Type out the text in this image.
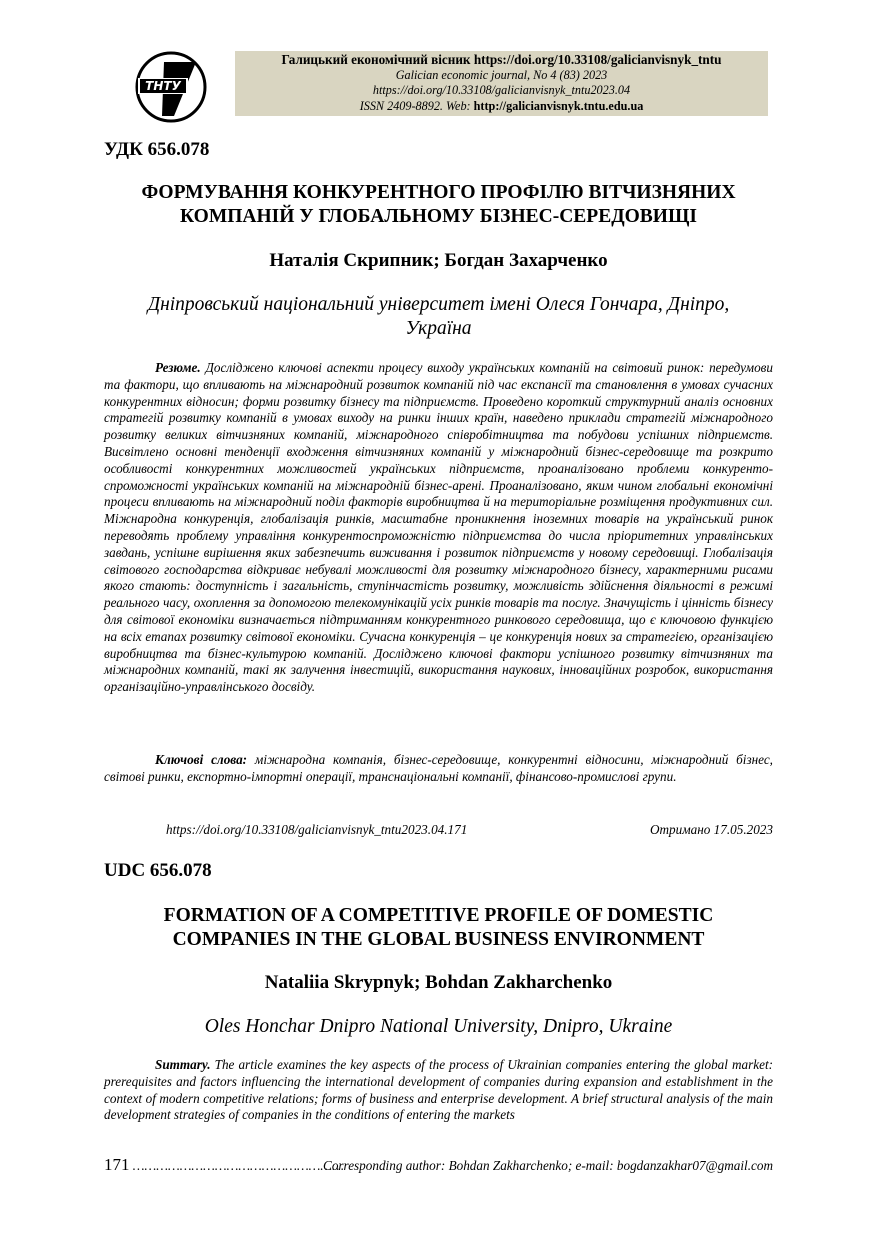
ТНТУ
Галицький економічний вісник https://doi.org/10.33108/galicianvisnyk_tntu
Galician economic journal, No 4 (83) 2023
https://doi.org/10.33108/galicianvisnyk_tntu2023.04
ISSN 2409-8892. Web: http://galicianvisnyk.tntu.edu.ua
УДК 656.078
ФОРМУВАННЯ КОНКУРЕНТНОГО ПРОФІЛЮ ВІТЧИЗНЯНИХ
КОМПАНІЙ У ГЛОБАЛЬНОМУ БІЗНЕС-СЕРЕДОВИЩІ
Наталія Скрипник; Богдан Захарченко
Дніпровський національний університет імені Олеся Гончара, Дніпро, Україна

Резюме. Досліджено ключові аспекти процесу виходу українських компаній на світовий ринок: передумови та фактори, що впливають на міжнародний розвиток компаній під час експансії та становлення в умовах сучасних конкурентних відносин; форми розвитку бізнесу та підприємств. Проведено короткий структурний аналіз основних стратегій розвитку компаній в умовах виходу на ринки інших країн, наведено приклади стратегій міжнародного розвитку великих вітчизняних компаній, міжнародного співробітництва та побудови успішних підприємств. Висвітлено основні тенденції входження вітчизняних компаній у міжнародний бізнес-середовище та розкрито особливості конкурентних можливостей українських підприємств, проаналізовано проблеми конкуренто-спроможності українських компаній на міжнародній бізнес-арені. Проаналізовано, яким чином глобальні економічні процеси впливають на міжнародний поділ факторів виробництва й на територіальне розміщення продуктивних сил. Міжнародна конкуренція, глобалізація ринків, масштабне проникнення іноземних товарів на український ринок переводять проблему управління конкурентоспроможністю підприємства до числа пріоритетних управлінських завдань, успішне вирішення яких забезпечить виживання і розвиток підприємств у новому середовищі. Глобалізація світового господарства відкриває небувалі можливості для розвитку міжнародного бізнесу, характерними рисами якого стають: доступність і загальність, ступінчастість розвитку, можливість здійснення діяльності в режимі реального часу, охоплення за допомогою телекомунікацій усіх ринків товарів та послуг. Значущість і цінність бізнесу для світової економіки визначається підтриманням конкурентного ринкового середовища, що є ключовою функцією на всіх етапах розвитку світової економіки. Сучасна конкуренція – це конкуренція нових за стратегією, організацією виробництва та бізнес-культурою компаній. Досліджено ключові фактори успішного розвитку вітчизняних та міжнародних компаній, такі як залучення інвестицій, використання наукових, інноваційних розробок, використання організаційно-управлінського досвіду.

Ключові слова: міжнародна компанія, бізнес-середовище, конкурентні відносини, міжнародний бізнес, світові ринки, експортно-імпортні операції, транснаціональні компанії, фінансово-промислові групи.

https://doi.org/10.33108/galicianvisnyk_tntu2023.04.171	Отримано 17.05.2023
UDC 656.078
FORMATION OF A COMPETITIVE PROFILE OF DOMESTIC
COMPANIES IN THE GLOBAL BUSINESS ENVIRONMENT
Nataliia Skrypnyk; Bohdan Zakharchenko
Oles Honchar Dnipro National University, Dnipro, Ukraine

Summary. The article examines the key aspects of the process of Ukrainian companies entering the global market: prerequisites and factors influencing the international development of companies during expansion and establishment in the context of modern competitive relations; forms of business and enterprise development. A brief structural analysis of the main development strategies of companies in the conditions of entering the markets

171 ………………………………………………
Corresponding author: Bohdan Zakharchenko; e-mail: bogdanzakhar07@gmail.com
